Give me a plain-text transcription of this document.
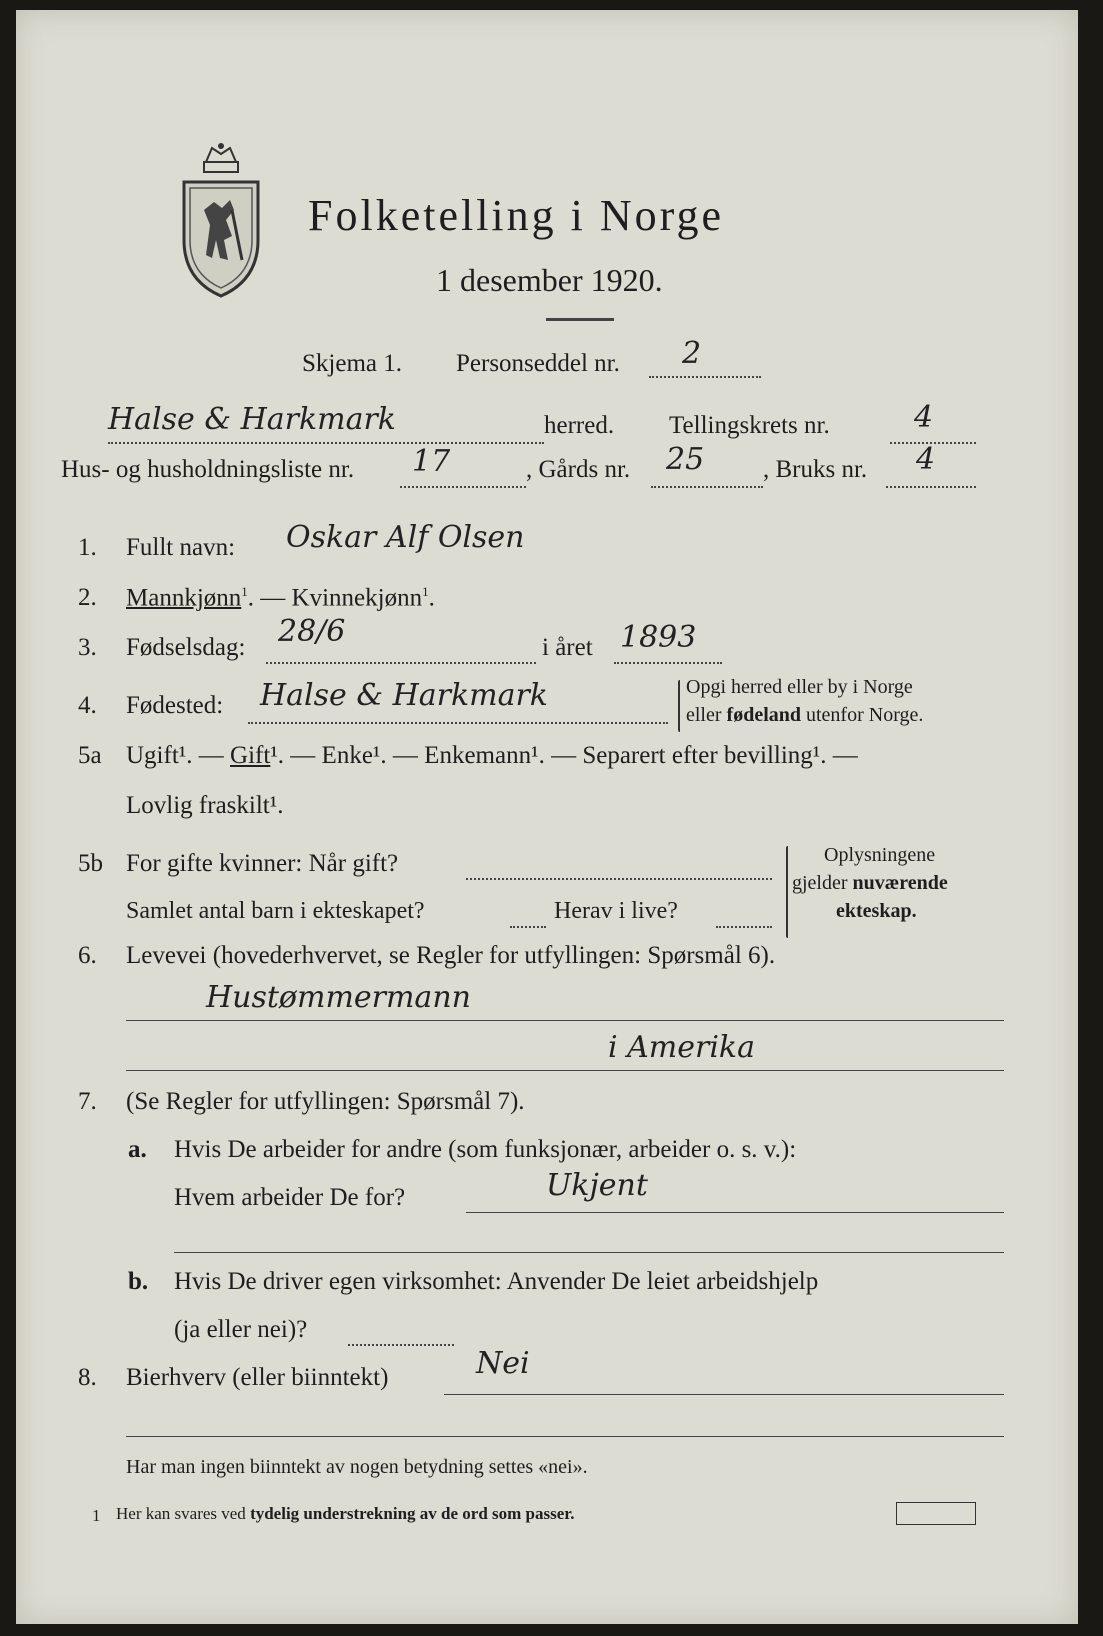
Folketelling i Norge
1 desember 1920.
Skjema 1. Personseddel nr. 2
Halse & Harkmark	herred. Tellingskrets nr.	4
Hus- og husholdningsliste nr. 17	, Gårds nr. 25 , Bruks nr. 4
1. Fullt navn: Oskar Alf Olsen
2. Mannkjønn$^1$. — Kvinnekjønn$^1$.
3. Fødselsdag: 28/6	i året 1893
4. Fødested: Halse & Harkmark	Opgi herred eller by i Norge
eller fødeland utenfor Norge.
5a Ugift¹. — Gift¹. — Enke¹. — Enkemann¹. — Separert efter bevilling¹. —
Lovlig fraskilt¹.
5b For gifte kvinner: Når gift?
Samlet antal barn i ekteskapet?	Herav i live?
Oplysningene
gjelder nuværende
ekteskap.
6. Levevei (hovederhvervet, se Regler for utfyllingen: Spørsmål 6).
Hustømmermann
i Amerika
7. (Se Regler for utfyllingen: Spørsmål 7).
a. Hvis De arbeider for andre (som funksjonær, arbeider o. s. v.):
Hvem arbeider De for?	Ukjent
b. Hvis De driver egen virksomhet: Anvender De leiet arbeidshjelp
(ja eller nei)?
8. Bierhverv (eller biinntekt)	Nei
Har man ingen biinntekt av nogen betydning settes «nei».
1 Her kan svares ved tydelig understrekning av de ord som passer.
